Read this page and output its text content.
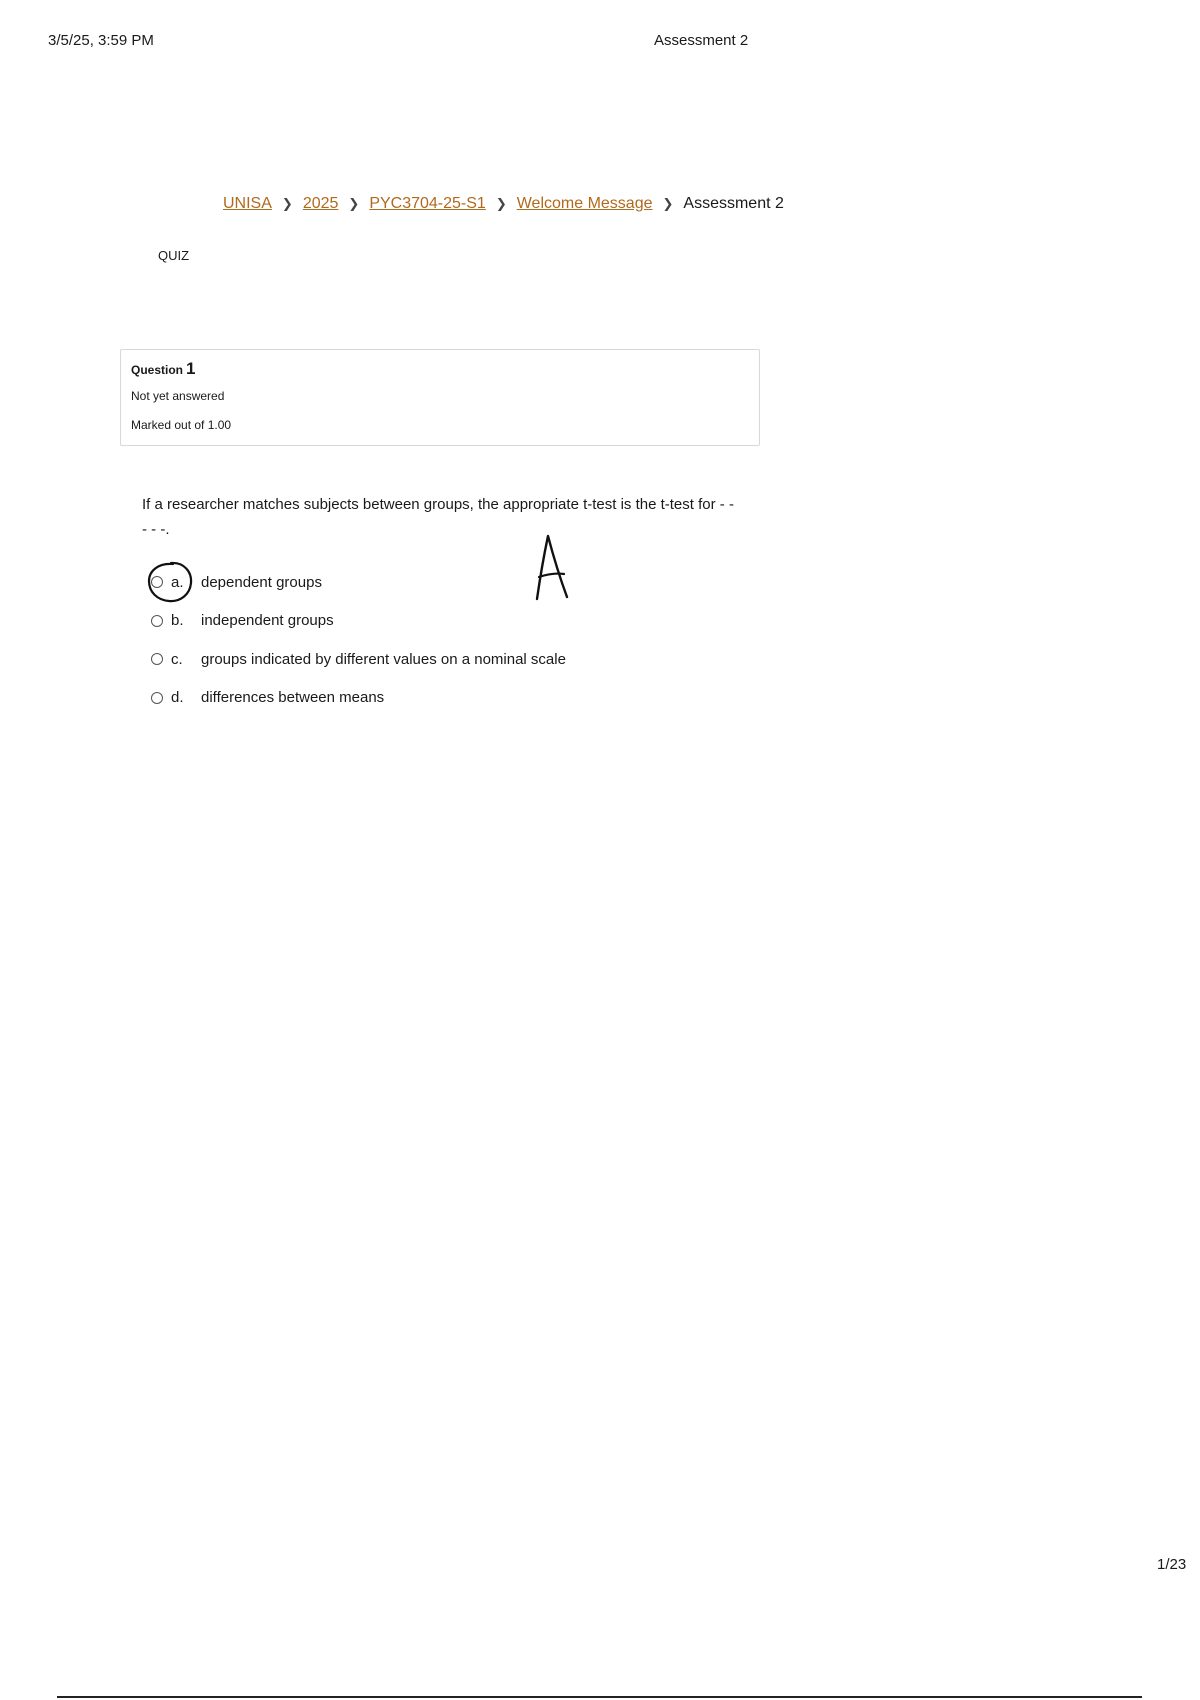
3/5/25, 3:59 PM	Assessment 2
UNISA ❯ 2025 ❯ PYC3704-25-S1 ❯ Welcome Message ❯ Assessment 2
QUIZ
Question 1
Not yet answered
Marked out of 1.00
If a researcher matches subjects between groups, the appropriate t-test is the t-test for - - - - -.
a.	dependent groups
b.	independent groups
c.	groups indicated by different values on a nominal scale
d.	differences between means
1/23
